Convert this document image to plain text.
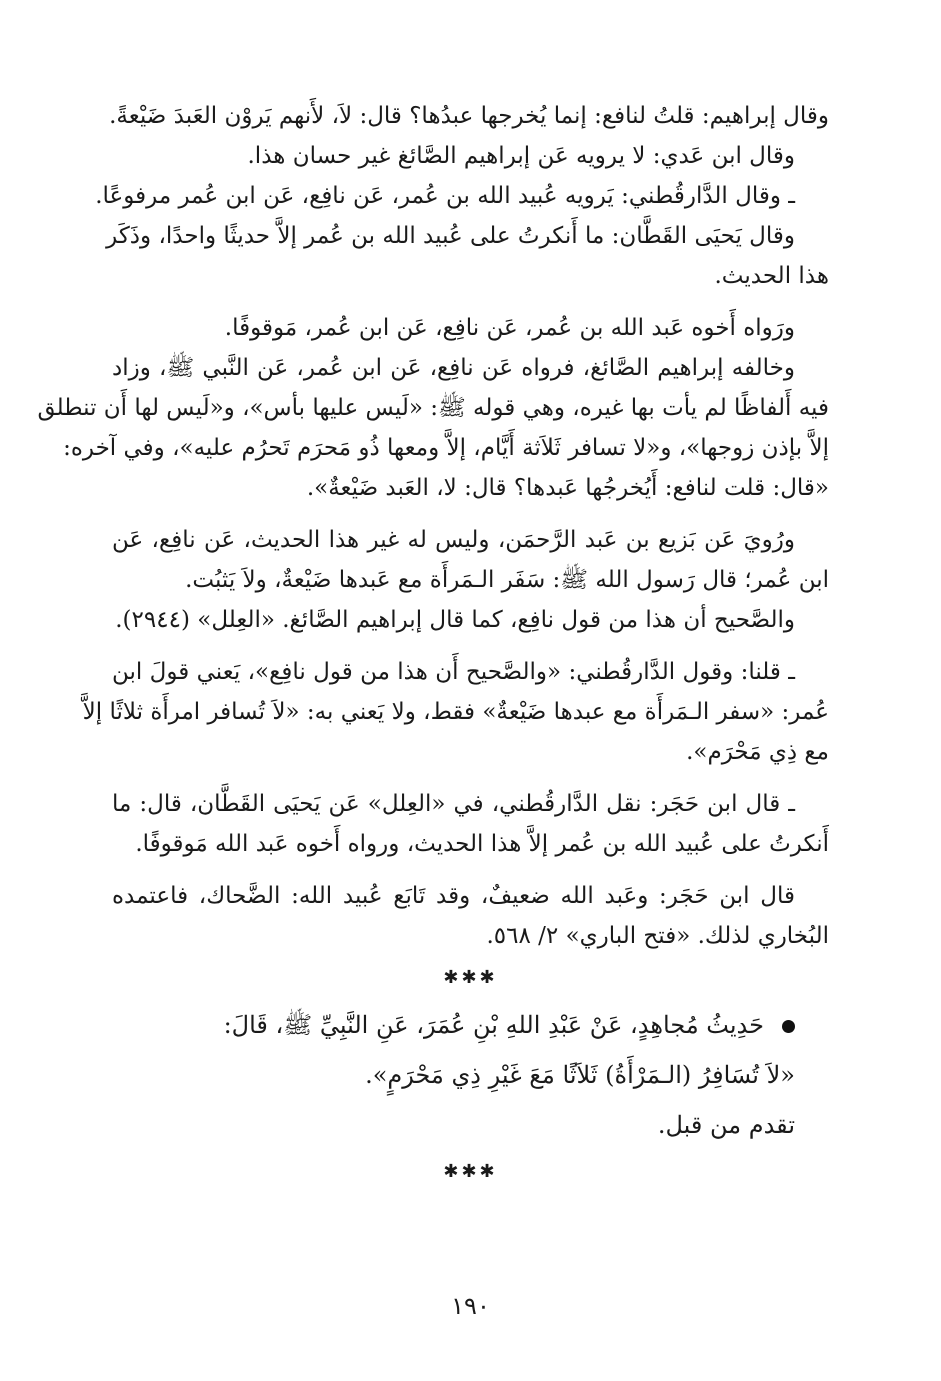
وقال إبراهيم: قلتُ لنافع: إنما يُخرجها عبدُها؟ قال: لاَ، لأَنهم يَروْن العَبدَ ضَيْعةً.
وقال ابن عَدي: لا يرويه عَن إبراهيم الصَّائغ غير حسان هذا.
ـ وقال الدَّارقُطني: يَرويه عُبيد الله بن عُمر، عَن نافِع، عَن ابن عُمر مرفوعًا.
وقال يَحيَى القَطَّان: ما أَنكرتُ على عُبيد الله بن عُمر إلاَّ حديثًا واحدًا، وذَكَر
هذا الحديث.
ورَواه أَخوه عَبد الله بن عُمر، عَن نافِع، عَن ابن عُمر، مَوقوفًا.
وخالفه إبراهيم الصَّائغ، فرواه عَن نافِع، عَن ابن عُمر، عَن النَّبي ﷺ، وزاد
فيه أَلفاظًا لم يأت بها غيره، وهي قوله ﷺ: «لَيس عليها بأس»، و«لَيس لها أَن تنطلق
إلاَّ بإذن زوجها»، و«لا تسافر ثَلاَثة أَيَّام، إلاَّ ومعها ذُو مَحرَم تَحرُم عليه»، وفي آخره:
«قال: قلت لنافع: أَيُخرجُها عَبدها؟ قال: لا، العَبد ضَيْعةٌ».
ورُويَ عَن بَزيع بن عَبد الرَّحمَن، وليس له غير هذا الحديث، عَن نافِع، عَن
ابن عُمر؛ قال رَسول الله ﷺ: سَفَر الـمَرأَة مع عَبدها ضَيْعةٌ، ولاَ يَثبُت.
والصَّحيح أن هذا من قول نافِع، كما قال إبراهيم الصَّائغ. «العِلل» (٢٩٤٤).
ـ قلنا: وقول الدَّارقُطني: «والصَّحيح أَن هذا من قول نافِع»، يَعني قولَ ابن
عُمر: «سفر الـمَرأَة مع عبدها ضَيْعةٌ» فقط، ولا يَعني به: «لاَ تُسافر امرأَة ثلاثًا إلاَّ
مع ذِي مَحْرَم».
ـ قال ابن حَجَر: نقل الدَّارقُطني، في «العِلل» عَن يَحيَى القَطَّان، قال: ما
أَنكرتُ على عُبيد الله بن عُمر إلاَّ هذا الحديث، ورواه أَخوه عَبد الله مَوقوفًا.
قال ابن حَجَر: وعَبد الله ضعيفٌ، وقد تَابَع عُبيد الله: الضَّحاك، فاعتمده
البُخاري لذلك. «فتح الباري» ٢/ ٥٦٨.
✱✱✱
حَدِيثُ مُجاهِدٍ، عَنْ عَبْدِ اللهِ بْنِ عُمَرَ، عَنِ النَّبِيِّ ﷺ، قَالَ:
«لاَ تُسَافِرُ (الـمَرْأَةُ) ثَلاَثًا مَعَ غَيْرِ ذِي مَحْرَمٍ».
تقدم من قبل.
✱✱✱
١٩٠
